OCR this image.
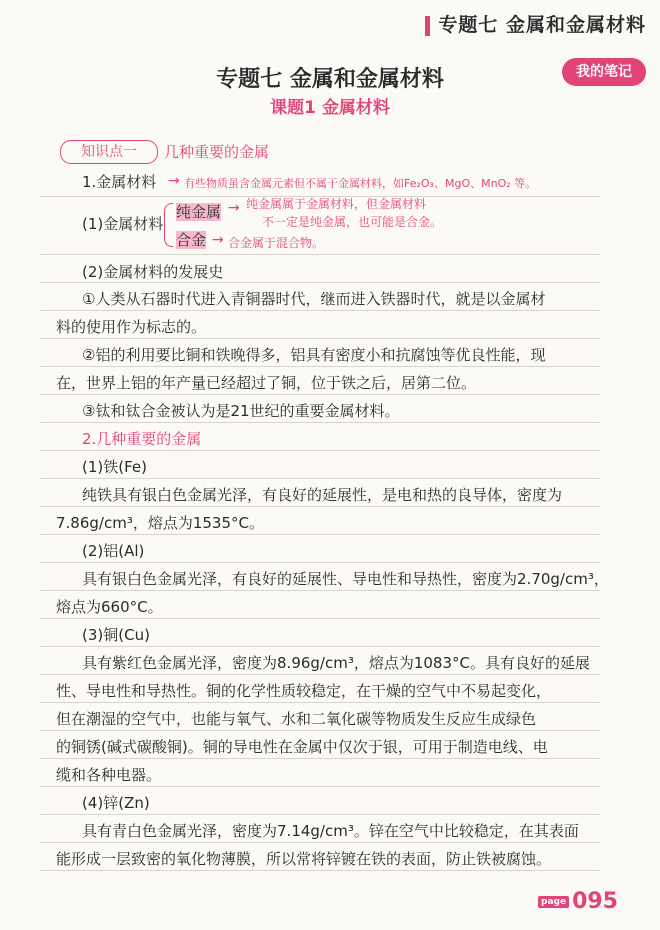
专题七 金属和金属材料
我的笔记
专题七 金属和金属材料
课题1 金属材料
知识点一	几种重要的金属
1.金属材料 → 有些物质虽含金属元素但不属于金属材料，如Fe₂O₃、MgO、MnO₂ 等。
(1)金属材料
纯金属
合金
→ 纯金属属于金属材料，但金属材料
不一定是纯金属，也可能是合金。
→ 合金属于混合物。
(2)金属材料的发展史
①人类从石器时代进入青铜器时代，继而进入铁器时代，就是以金属材
料的使用作为标志的。
②铝的利用要比铜和铁晚得多，铝具有密度小和抗腐蚀等优良性能，现
在，世界上铝的年产量已经超过了铜，位于铁之后，居第二位。
③钛和钛合金被认为是21世纪的重要金属材料。
2.几种重要的金属
(1)铁(Fe)
纯铁具有银白色金属光泽，有良好的延展性，是电和热的良导体，密度为
7.86g/cm³，熔点为1535°C。
(2)铝(Al)
具有银白色金属光泽，有良好的延展性、导电性和导热性，密度为2.70g/cm³，
熔点为660°C。
(3)铜(Cu)
具有紫红色金属光泽，密度为8.96g/cm³，熔点为1083°C。具有良好的延展
性、导电性和导热性。铜的化学性质较稳定，在干燥的空气中不易起变化，
但在潮湿的空气中，也能与氧气、水和二氧化碳等物质发生反应生成绿色
的铜锈(碱式碳酸铜)。铜的导电性在金属中仅次于银，可用于制造电线、电
缆和各种电器。
(4)锌(Zn)
具有青白色金属光泽，密度为7.14g/cm³。锌在空气中比较稳定，在其表面
能形成一层致密的氧化物薄膜，所以常将锌镀在铁的表面，防止铁被腐蚀。
page 095
